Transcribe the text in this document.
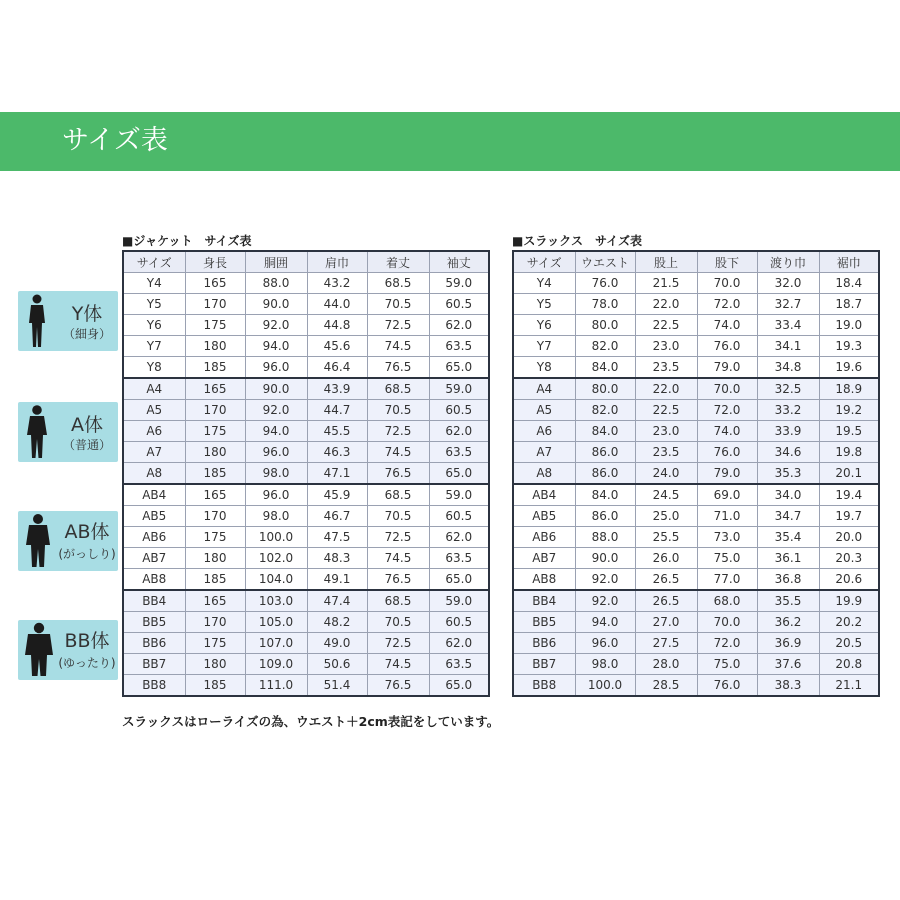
サイズ表
Y体
（細身）
A体
（普通）
AB体
(がっしり)
BB体
(ゆったり)
■ジャケット　サイズ表
サイズ	身長	胴囲	肩巾	着丈	袖丈
Y4	165	88.0	43.2	68.5	59.0
Y5	170	90.0	44.0	70.5	60.5
Y6	175	92.0	44.8	72.5	62.0
Y7	180	94.0	45.6	74.5	63.5
Y8	185	96.0	46.4	76.5	65.0
A4	165	90.0	43.9	68.5	59.0
A5	170	92.0	44.7	70.5	60.5
A6	175	94.0	45.5	72.5	62.0
A7	180	96.0	46.3	74.5	63.5
A8	185	98.0	47.1	76.5	65.0
AB4	165	96.0	45.9	68.5	59.0
AB5	170	98.0	46.7	70.5	60.5
AB6	175	100.0	47.5	72.5	62.0
AB7	180	102.0	48.3	74.5	63.5
AB8	185	104.0	49.1	76.5	65.0
BB4	165	103.0	47.4	68.5	59.0
BB5	170	105.0	48.2	70.5	60.5
BB6	175	107.0	49.0	72.5	62.0
BB7	180	109.0	50.6	74.5	63.5
BB8	185	111.0	51.4	76.5	65.0
■スラックス　サイズ表
サイズ	ウエスト	股上	股下	渡り巾	裾巾
Y4	76.0	21.5	70.0	32.0	18.4
Y5	78.0	22.0	72.0	32.7	18.7
Y6	80.0	22.5	74.0	33.4	19.0
Y7	82.0	23.0	76.0	34.1	19.3
Y8	84.0	23.5	79.0	34.8	19.6
A4	80.0	22.0	70.0	32.5	18.9
A5	82.0	22.5	72.0	33.2	19.2
A6	84.0	23.0	74.0	33.9	19.5
A7	86.0	23.5	76.0	34.6	19.8
A8	86.0	24.0	79.0	35.3	20.1
AB4	84.0	24.5	69.0	34.0	19.4
AB5	86.0	25.0	71.0	34.7	19.7
AB6	88.0	25.5	73.0	35.4	20.0
AB7	90.0	26.0	75.0	36.1	20.3
AB8	92.0	26.5	77.0	36.8	20.6
BB4	92.0	26.5	68.0	35.5	19.9
BB5	94.0	27.0	70.0	36.2	20.2
BB6	96.0	27.5	72.0	36.9	20.5
BB7	98.0	28.0	75.0	37.6	20.8
BB8	100.0	28.5	76.0	38.3	21.1
スラックスはローライズの為、ウエスト＋2cm表記をしています。
